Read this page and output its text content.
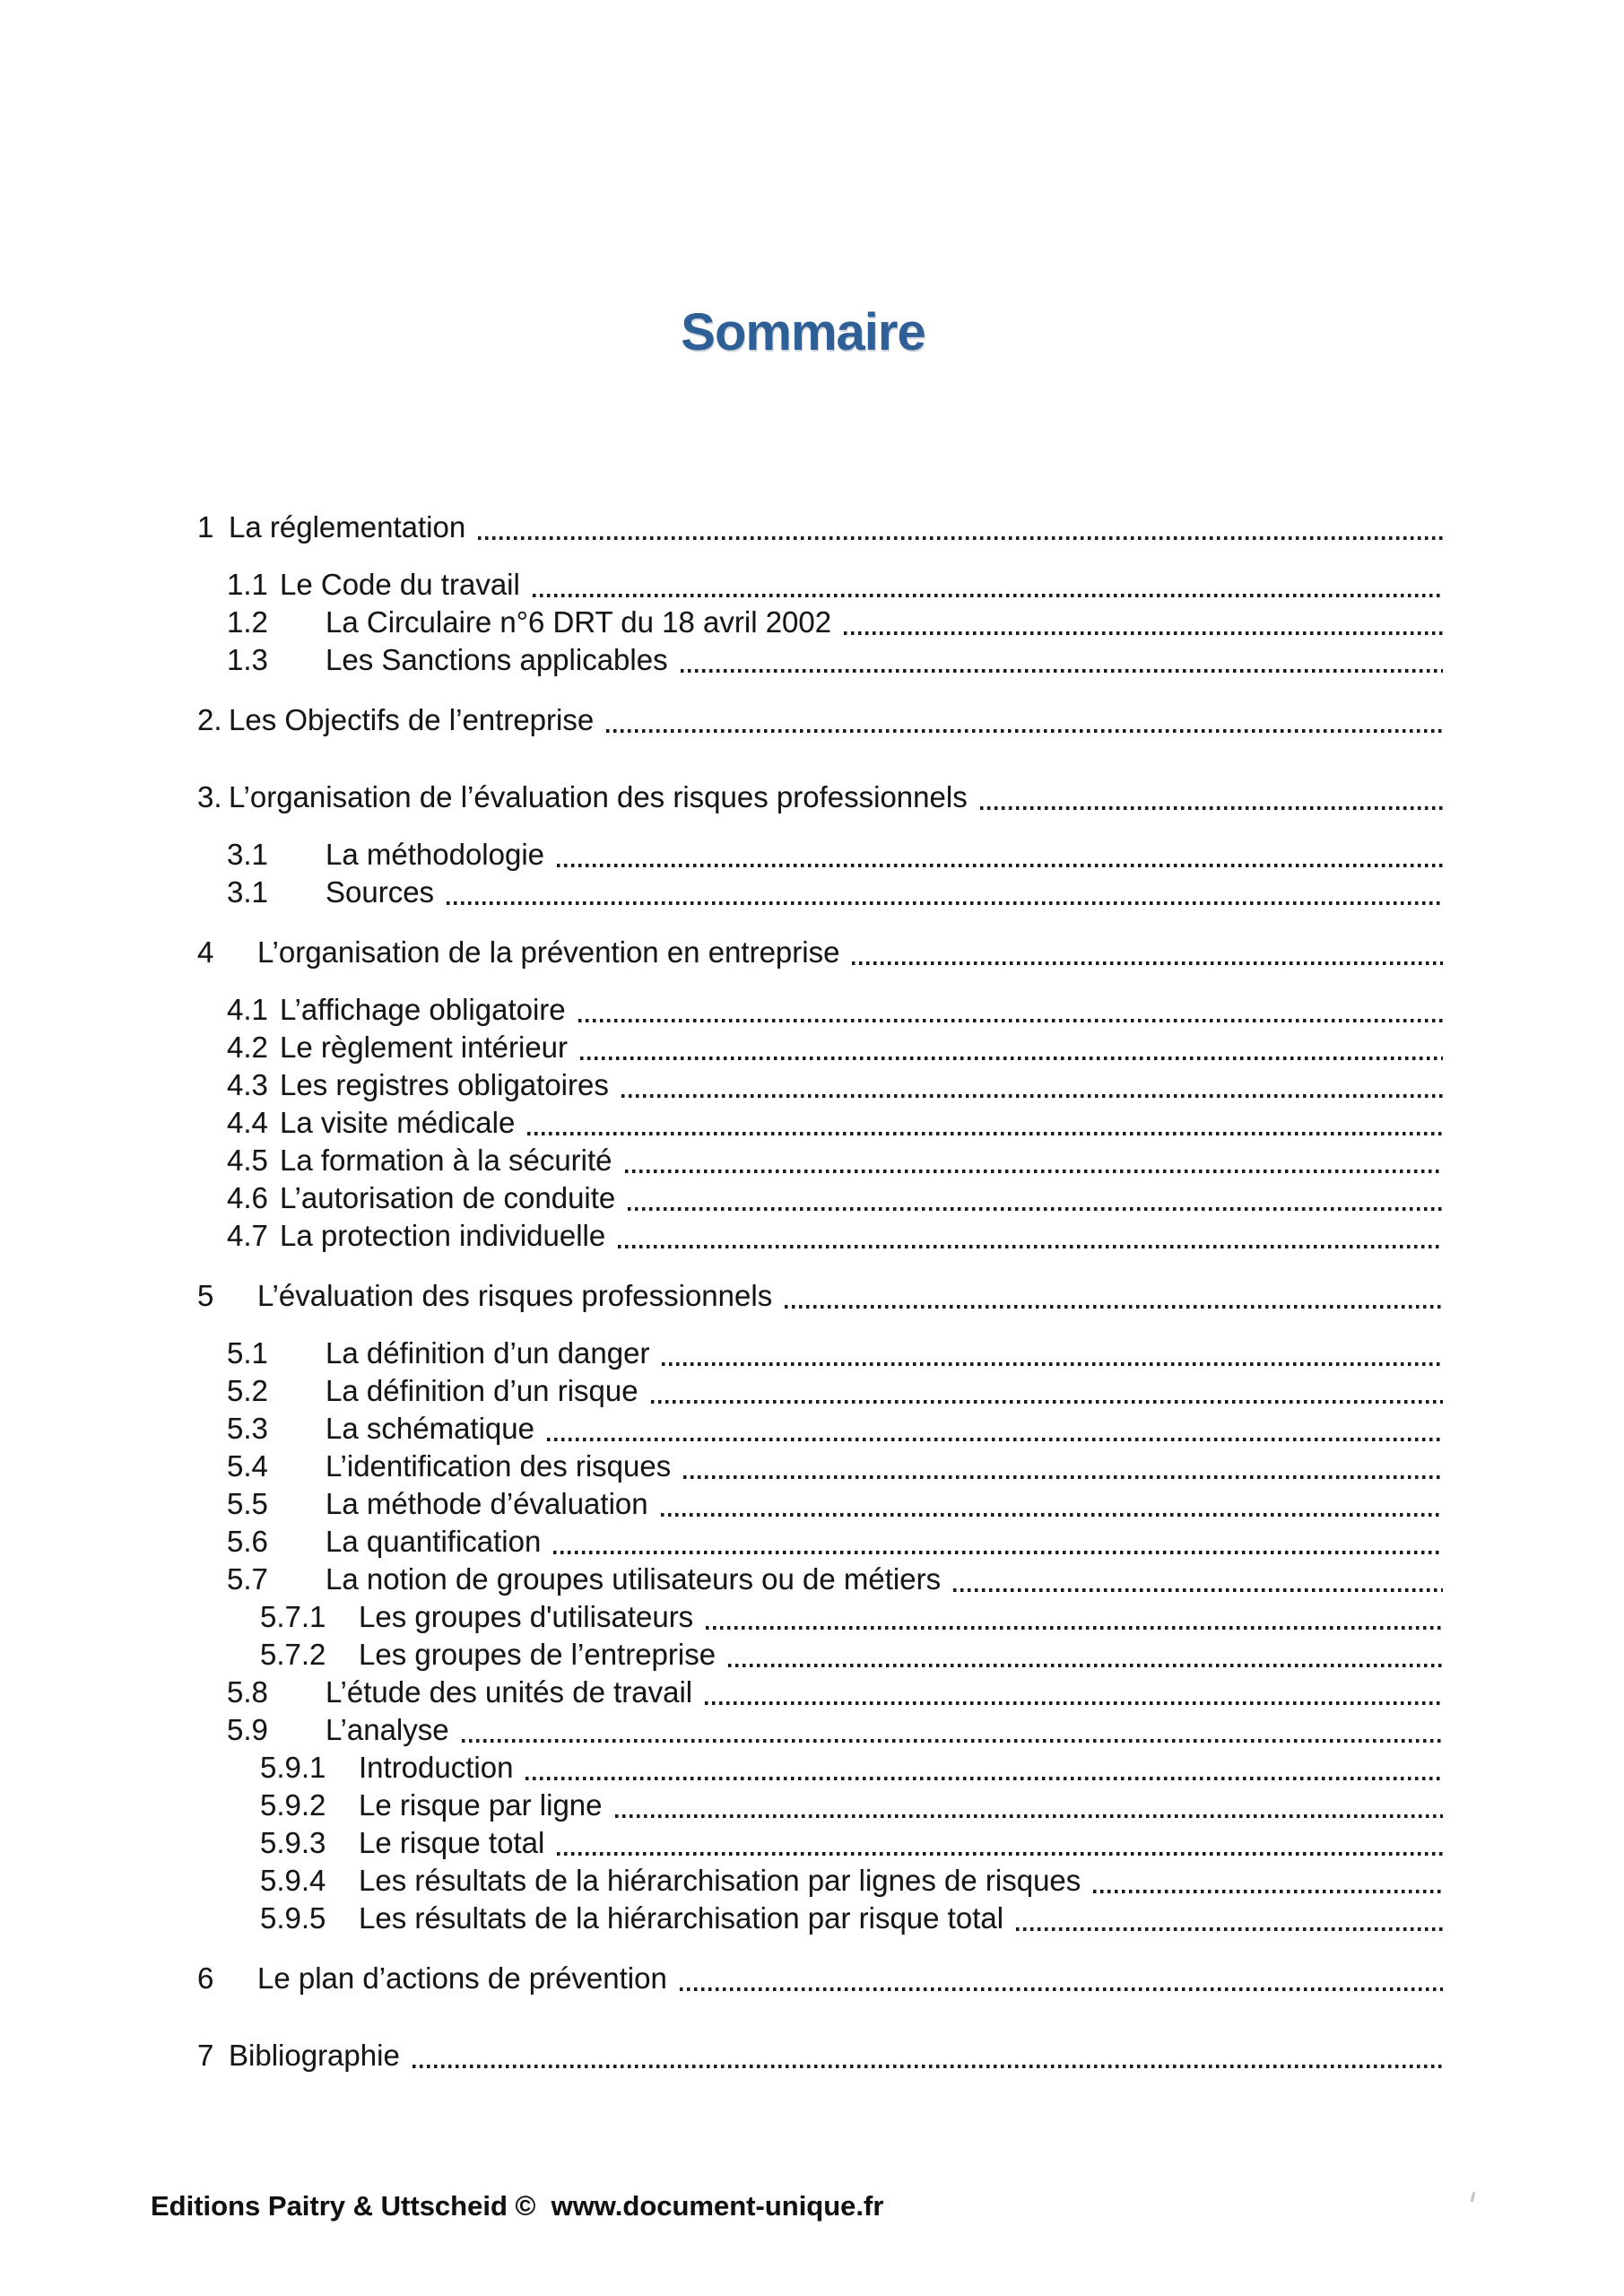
Sommaire
1 La réglementation
1.1 Le Code du travail
1.2	La Circulaire n°6 DRT du 18 avril 2002
1.3	Les Sanctions applicables
2. Les Objectifs de l’entreprise
3. L’organisation de l’évaluation des risques professionnels
3.1	La méthodologie
3.1	Sources
4	L’organisation de la prévention en entreprise
4.1 L’affichage obligatoire
4.2 Le règlement intérieur
4.3 Les registres obligatoires
4.4 La visite médicale
4.5 La formation à la sécurité
4.6 L’autorisation de conduite
4.7 La protection individuelle
5	L’évaluation des risques professionnels
5.1	La définition d’un danger
5.2	La définition d’un risque
5.3	La schématique
5.4	L’identification des risques
5.5	La méthode d’évaluation
5.6	La quantification
5.7	La notion de groupes utilisateurs ou de métiers
5.7.1	Les groupes d'utilisateurs
5.7.2	Les groupes de l’entreprise
5.8	L’étude des unités de travail
5.9	L’analyse
5.9.1	Introduction
5.9.2	Le risque par ligne
5.9.3	Le risque total
5.9.4	Les résultats de la hiérarchisation par lignes de risques
5.9.5	Les résultats de la hiérarchisation par risque total
6	Le plan d’actions de prévention
7 Bibliographie
Editions Paitry & Uttscheid ©  www.document-unique.fr
